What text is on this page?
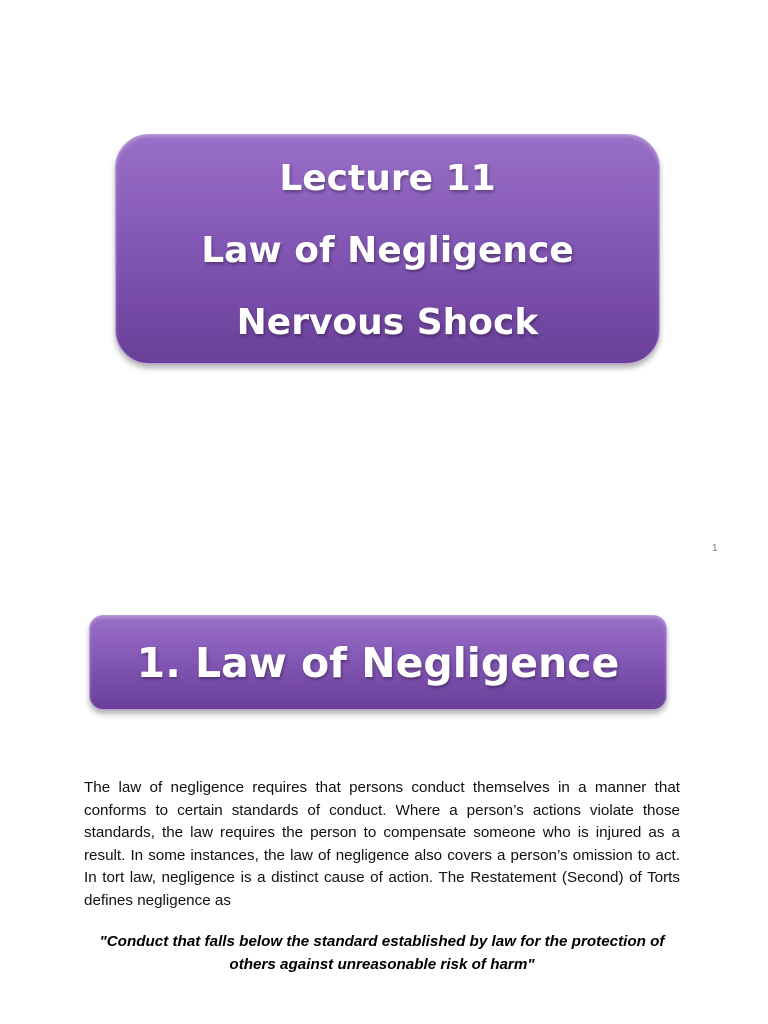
Lecture 11
Law of Negligence
Nervous Shock
1
1. Law of Negligence

The law of negligence requires that persons conduct themselves in a manner that conforms to certain standards of conduct. Where a person’s actions violate those standards, the law requires the person to compensate someone who is injured as a result. In some instances, the law of negligence also covers a person’s omission to act. In tort law, negligence is a distinct cause of action. The Restatement (Second) of Torts defines negligence as

"Conduct that falls below the standard established by law for the protection of others against unreasonable risk of harm"
